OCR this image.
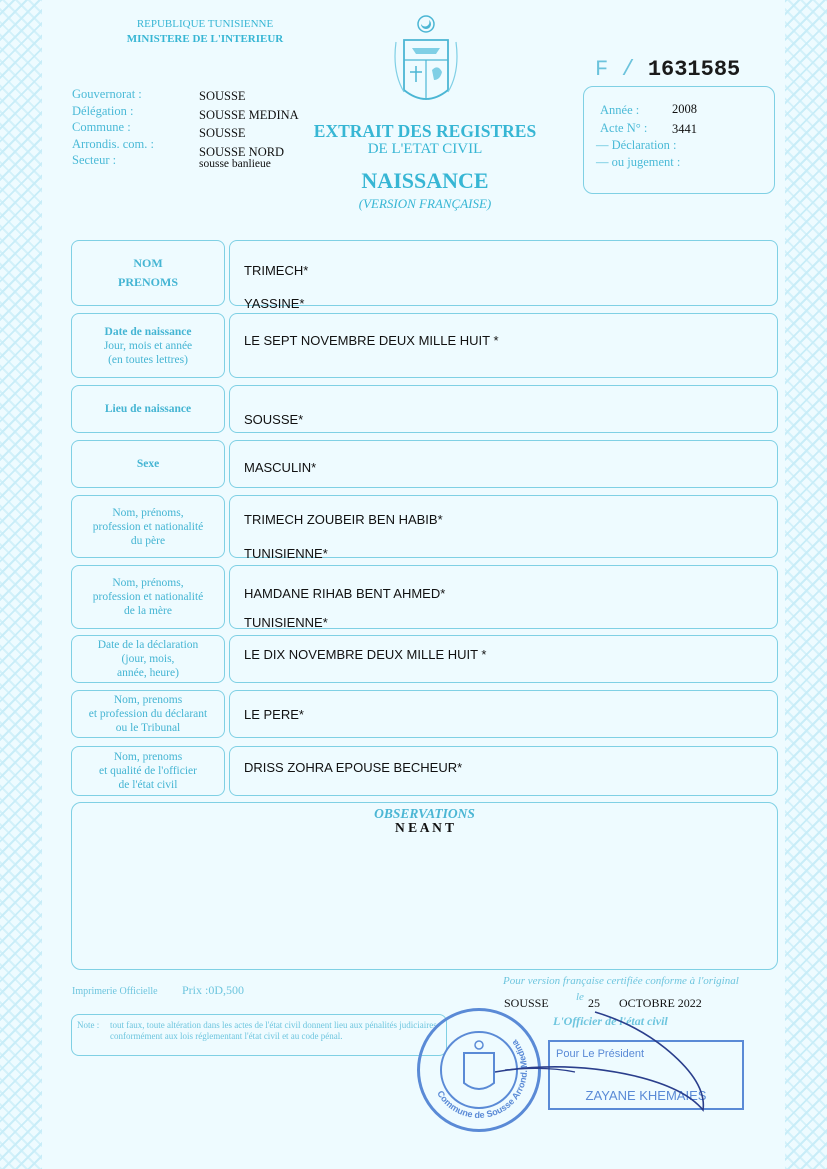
REPUBLIQUE TUNISIENNE
MINISTERE DE L'INTERIEUR
F / 1631585
Gouvernorat :
Délégation :
Commune :
Arrondis. com. :
Secteur :
SOUSSE
SOUSSE MEDINA
SOUSSE
SOUSSE NORD
sousse banlieue
EXTRAIT DES REGISTRES
DE L'ETAT CIVIL
NAISSANCE
(VERSION FRANÇAISE)
Année :	2008
Acte N° : 3441
— Déclaration :
— ou jugement :
NOM
PRENOMS
TRIMECH*
YASSINE*
Date de naissance
Jour, mois et année
(en toutes lettres)
LE SEPT NOVEMBRE DEUX MILLE HUIT *
Lieu de naissance
SOUSSE*
Sexe	MASCULIN*
Nom, prénoms,
profession et nationalité
du père
TRIMECH ZOUBEIR BEN HABIB*
TUNISIENNE*
Nom, prénoms,
profession et nationalité
de la mère
HAMDANE RIHAB BENT AHMED*
TUNISIENNE*
Date de la déclaration
(jour, mois,
année, heure)
LE DIX NOVEMBRE DEUX MILLE HUIT *
Nom, prenoms
et profession du déclarant
ou le Tribunal
LE PERE*
Nom, prenoms
et qualité de l'officier
de l'état civil
DRISS ZOHRA EPOUSE BECHEUR*
OBSERVATIONS
N E A N T
Imprimerie Officielle Prix :0D,500
Pour version française certifiée conforme à l'original
SOUSSE le 25 OCTOBRE 2022
L'Officier de l'état civil
Note : tout faux, toute altération dans les actes de l'état civil donnent lieu aux pénalités judiciaires conformément aux lois réglementant l'état civil et au code pénal.
Commune de Sousse Arrond. Medina
Pour Le Président
ZAYANE KHEMAIES
